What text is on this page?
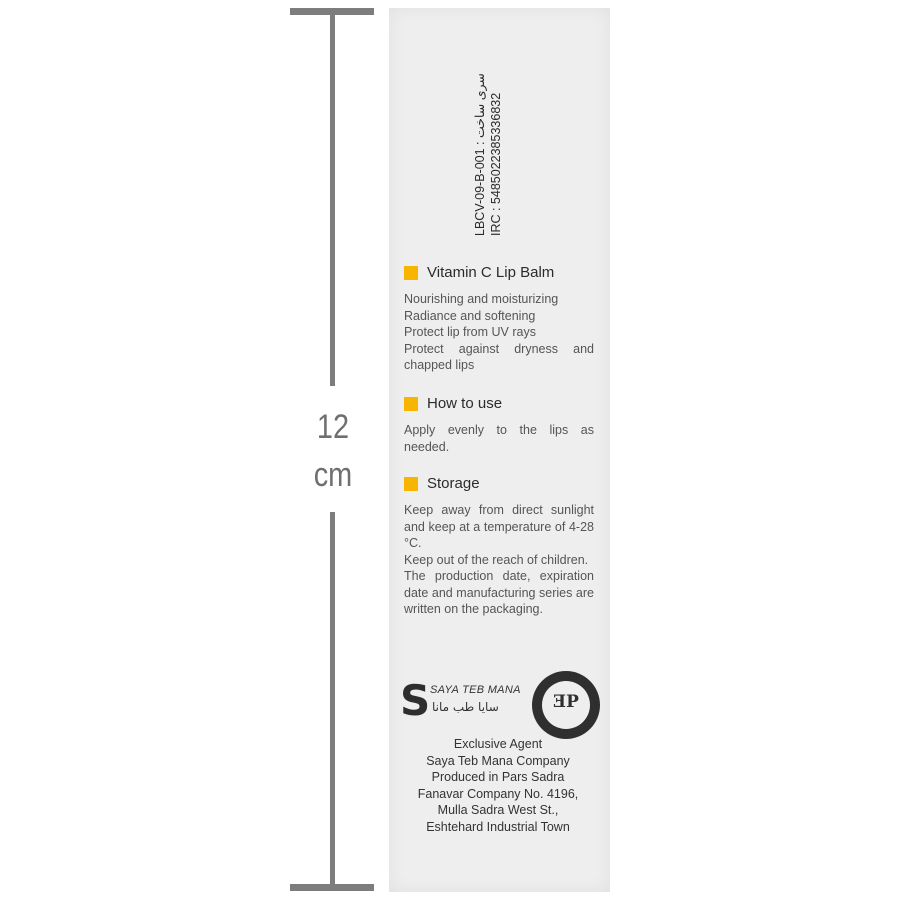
12
cm
LBCV-09-B-001 : سری ساخت IRC : 5485022385336832
Vitamin C Lip Balm

Nourishing and moisturizing

Radiance and softening

Protect lip from UV rays

Protect against dryness and chapped lips

How to use

Apply evenly to the lips as needed.

Storage

Keep away from direct sunlight and keep at a temperature of 4-28 °C.

Keep out of the reach of children.

The production date, expiration date and manufacturing series are written on the packaging.

S SAYA TEB MANA
سایا طب مانا	ƎP

Exclusive Agent

Saya Teb Mana Company

Produced in Pars Sadra

Fanavar Company No. 4196,

Mulla Sadra West St.,

Eshtehard Industrial Town
